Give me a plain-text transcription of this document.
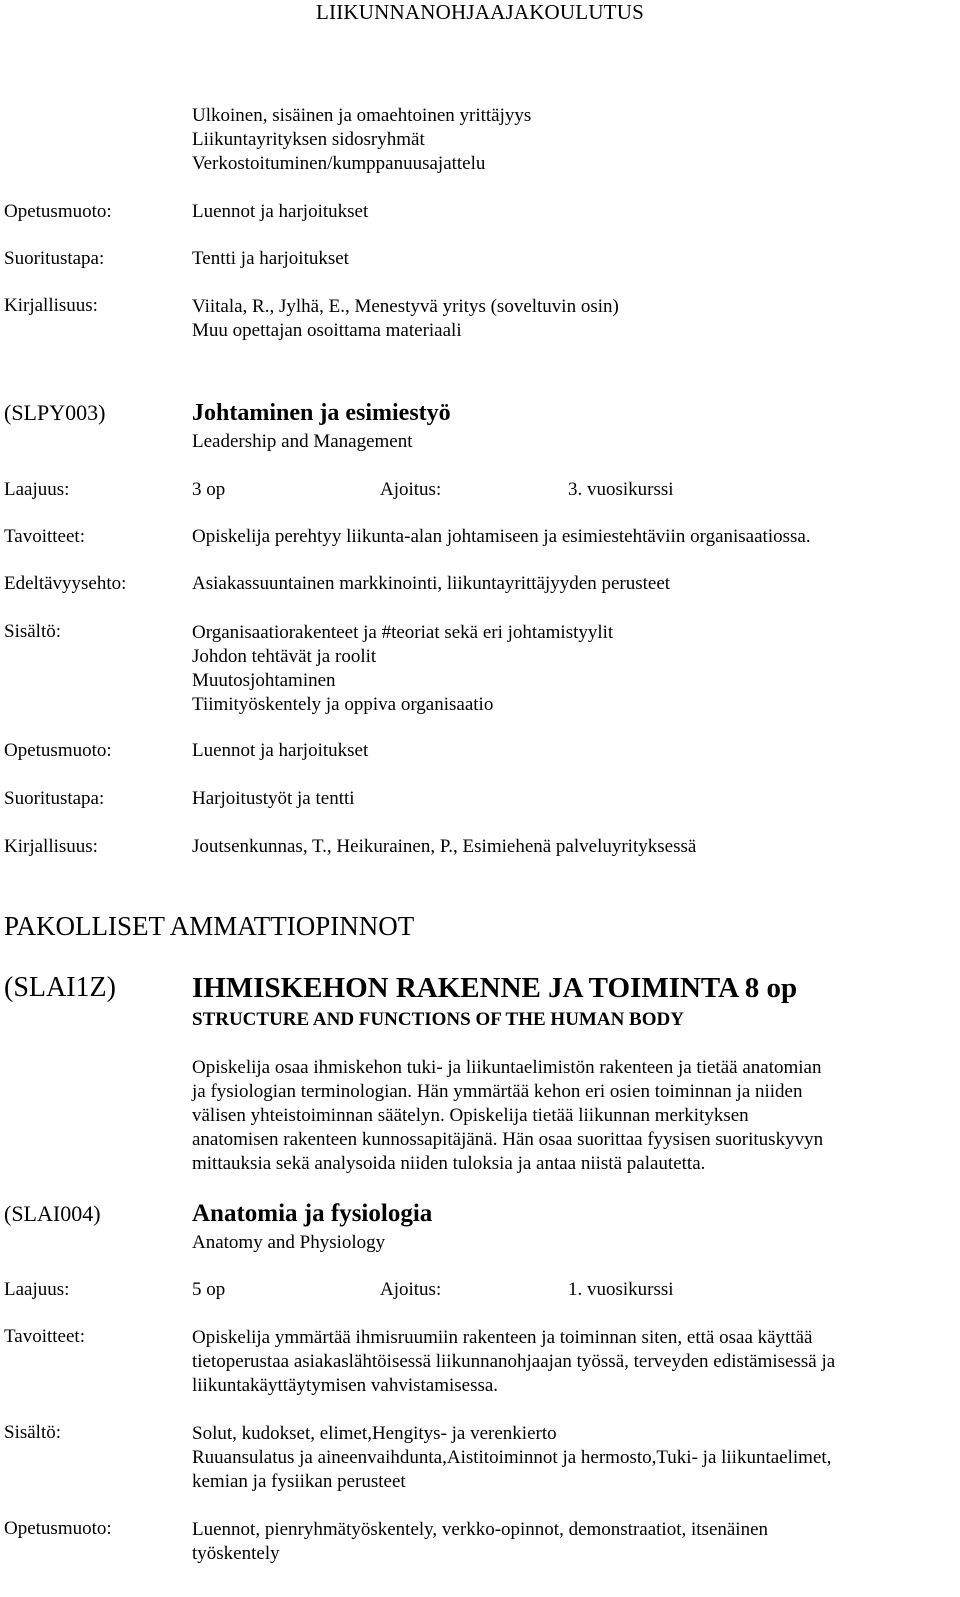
LIIKUNNANOHJAAJAKOULUTUS
Ulkoinen, sisäinen ja omaehtoinen yrittäjyys
Liikuntayrityksen sidosryhmät
Verkostoituminen/kumppanuusajattelu
Opetusmuoto:	Luennot ja harjoitukset
Suoritustapa:	Tentti ja harjoitukset
Kirjallisuus:	Viitala, R., Jylhä, E., Menestyvä yritys (soveltuvin osin)
Muu opettajan osoittama materiaali
(SLPY003)	Johtaminen ja esimiestyö
Leadership and Management
Laajuus:	3 op	Ajoitus:	3. vuosikurssi
Tavoitteet:	Opiskelija perehtyy liikunta-alan johtamiseen ja esimiestehtäviin organisaatiossa.
Edeltävyysehto:	Asiakassuuntainen markkinointi, liikuntayrittäjyyden perusteet
Sisältö:	Organisaatiorakenteet ja #teoriat sekä eri johtamistyylit
Johdon tehtävät ja roolit
Muutosjohtaminen
Tiimityöskentely ja oppiva organisaatio
Opetusmuoto:	Luennot ja harjoitukset
Suoritustapa:	Harjoitustyöt ja tentti
Kirjallisuus:	Joutsenkunnas, T., Heikurainen, P., Esimiehenä palveluyrityksessä
PAKOLLISET AMMATTIOPINNOT
(SLAI1Z)	IHMISKEHON RAKENNE JA TOIMINTA 8 op
STRUCTURE AND FUNCTIONS OF THE HUMAN BODY
Opiskelija osaa ihmiskehon tuki- ja liikuntaelimistön rakenteen ja tietää anatomian
ja fysiologian terminologian. Hän ymmärtää kehon eri osien toiminnan ja niiden
välisen yhteistoiminnan säätelyn. Opiskelija tietää liikunnan merkityksen
anatomisen rakenteen kunnossapitäjänä. Hän osaa suorittaa fyysisen suorituskyvyn
mittauksia sekä analysoida niiden tuloksia ja antaa niistä palautetta.
(SLAI004)	Anatomia ja fysiologia
Anatomy and Physiology
Laajuus:	5 op	Ajoitus:	1. vuosikurssi
Tavoitteet:	Opiskelija ymmärtää ihmisruumiin rakenteen ja toiminnan siten, että osaa käyttää
tietoperustaa asiakaslähtöisessä liikunnanohjaajan työssä, terveyden edistämisessä ja
liikuntakäyttäytymisen vahvistamisessa.
Sisältö:	Solut, kudokset, elimet,Hengitys- ja verenkierto
Ruuansulatus ja aineenvaihdunta,Aistitoiminnot ja hermosto,Tuki- ja liikuntaelimet,
kemian ja fysiikan perusteet
Opetusmuoto:	Luennot, pienryhmätyöskentely, verkko-opinnot, demonstraatiot, itsenäinen
työskentely
